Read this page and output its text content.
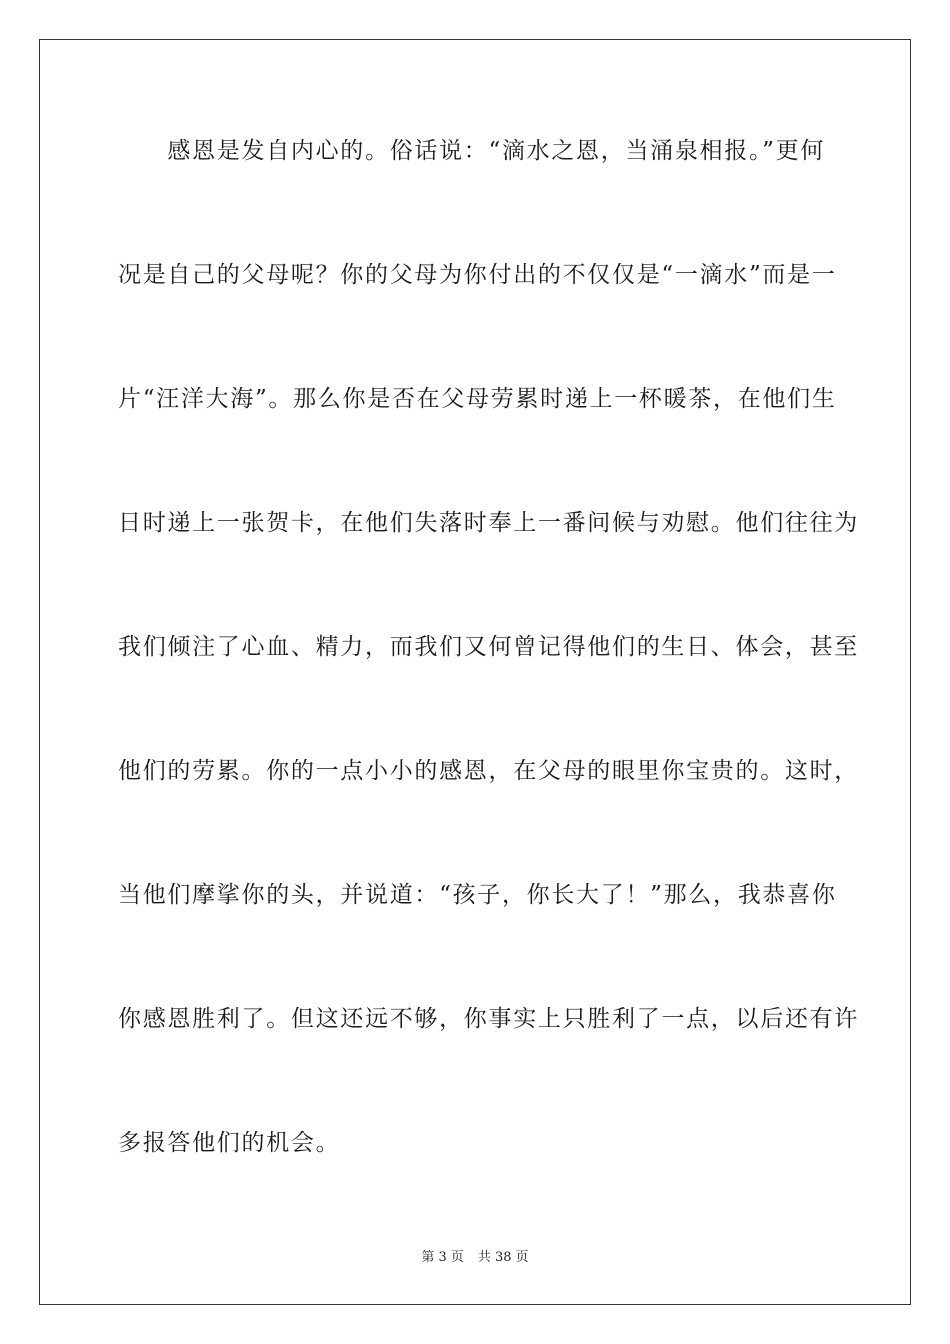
　　感恩是发自内心的。俗话说：“滴水之恩，当涌泉相报。”更何
况是自己的父母呢？你的父母为你付出的不仅仅是“一滴水”而是一
片“汪洋大海”。那么你是否在父母劳累时递上一杯暖茶，在他们生
日时递上一张贺卡，在他们失落时奉上一番问候与劝慰。他们往往为
我们倾注了心血、精力，而我们又何曾记得他们的生日、体会，甚至
他们的劳累。你的一点小小的感恩，在父母的眼里你宝贵的。这时，
当他们摩挲你的头，并说道：“孩子，你长大了！”那么，我恭喜你
你感恩胜利了。但这还远不够，你事实上只胜利了一点，以后还有许
多报答他们的机会。
第 3 页 共 38 页
